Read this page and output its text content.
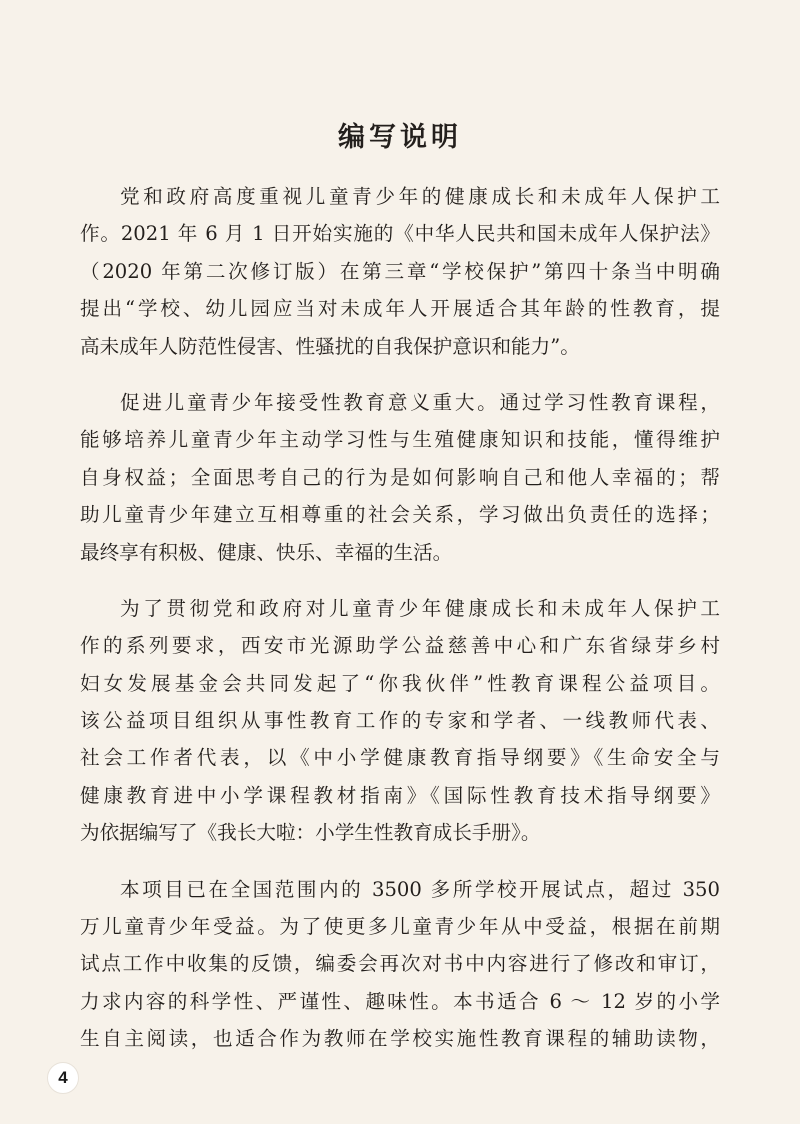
编写说明
党和政府高度重视儿童青少年的健康成长和未成年人保护工
作。2021 年 6 月 1 日开始实施的《中华人民共和国未成年人保护法》
（2020 年第二次修订版）在第三章“学校保护”第四十条当中明确
提出“学校、幼儿园应当对未成年人开展适合其年龄的性教育，提
高未成年人防范性侵害、性骚扰的自我保护意识和能力”。
促进儿童青少年接受性教育意义重大。通过学习性教育课程，
能够培养儿童青少年主动学习性与生殖健康知识和技能，懂得维护
自身权益；全面思考自己的行为是如何影响自己和他人幸福的；帮
助儿童青少年建立互相尊重的社会关系，学习做出负责任的选择；
最终享有积极、健康、快乐、幸福的生活。
为了贯彻党和政府对儿童青少年健康成长和未成年人保护工
作的系列要求，西安市光源助学公益慈善中心和广东省绿芽乡村
妇女发展基金会共同发起了“你我伙伴”性教育课程公益项目。
该公益项目组织从事性教育工作的专家和学者、一线教师代表、
社会工作者代表，以《中小学健康教育指导纲要》《生命安全与
健康教育进中小学课程教材指南》《国际性教育技术指导纲要》
为依据编写了《我长大啦：小学生性教育成长手册》。
本项目已在全国范围内的 3500 多所学校开展试点，超过 350
万儿童青少年受益。为了使更多儿童青少年从中受益，根据在前期
试点工作中收集的反馈，编委会再次对书中内容进行了修改和审订，
力求内容的科学性、严谨性、趣味性。本书适合 6 ～ 12 岁的小学
生自主阅读，也适合作为教师在学校实施性教育课程的辅助读物，
4
